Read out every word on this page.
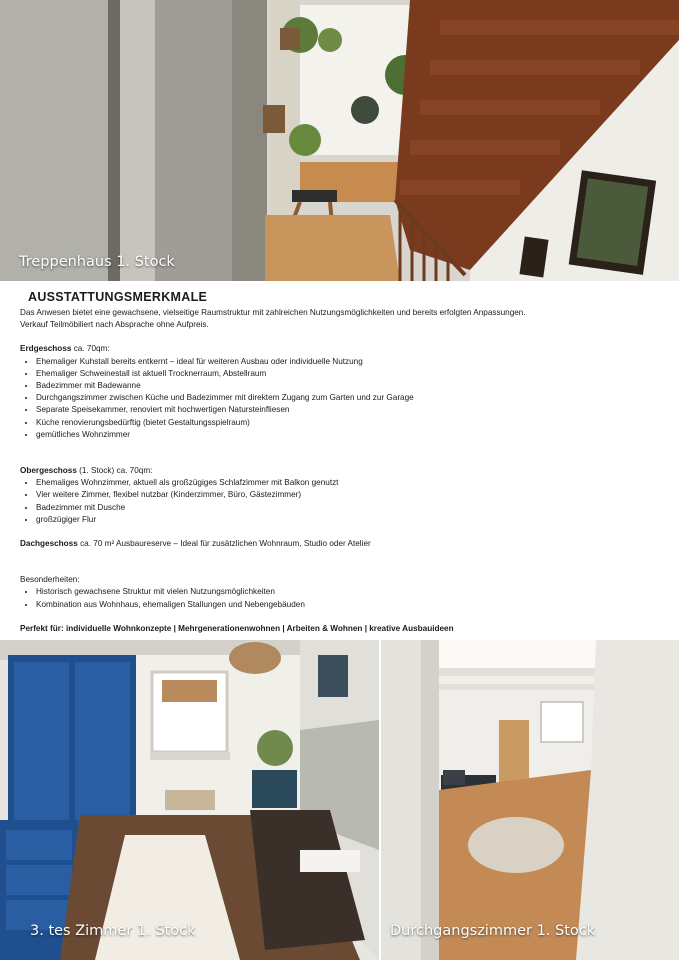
Treppenhaus 1. Stock
AUSSTATTUNGSMERKMALE

Das Anwesen bietet eine gewachsene, vielseitige Raumstruktur mit zahlreichen Nutzungsmöglichkeiten und bereits erfolgten Anpassungen.

Verkauf Teilmöbiliert nach Absprache ohne Aufpreis.

Erdgeschoss ca. 70qm:

• Ehemaliger Kuhstall bereits entkernt – ideal für weiteren Ausbau oder individuelle Nutzung
• Ehemaliger Schweinestall ist aktuell Trocknerraum, Abstellraum
• Badezimmer mit Badewanne
• Durchgangszimmer zwischen Küche und Badezimmer mit direktem Zugang zum Garten und zur Garage
• Separate Speisekammer, renoviert mit hochwertigen Natursteinfliesen
• Küche renovierungsbedürftig (bietet Gestaltungsspielraum)
• gemütliches Wohnzimmer

Obergeschoss (1. Stock) ca. 70qm:

• Ehemaliges Wohnzimmer, aktuell als großzügiges Schlafzimmer mit Balkon genutzt
• Vier weitere Zimmer, flexibel nutzbar (Kinderzimmer, Büro, Gästezimmer)
• Badezimmer mit Dusche
• großzügiger Flur

Dachgeschoss ca. 70 m² Ausbaureserve – Ideal für zusätzlichen Wohnraum, Studio oder Atelier

Besonderheiten:

• Historisch gewachsene Struktur mit vielen Nutzungsmöglichkeiten
• Kombination aus Wohnhaus, ehemaligen Stallungen und Nebengebäuden

Perfekt für: individuelle Wohnkonzepte | Mehrgenerationenwohnen | Arbeiten & Wohnen | kreative Ausbauideen

3. tes Zimmer 1. Stock	Durchgangszimmer 1. Stock
